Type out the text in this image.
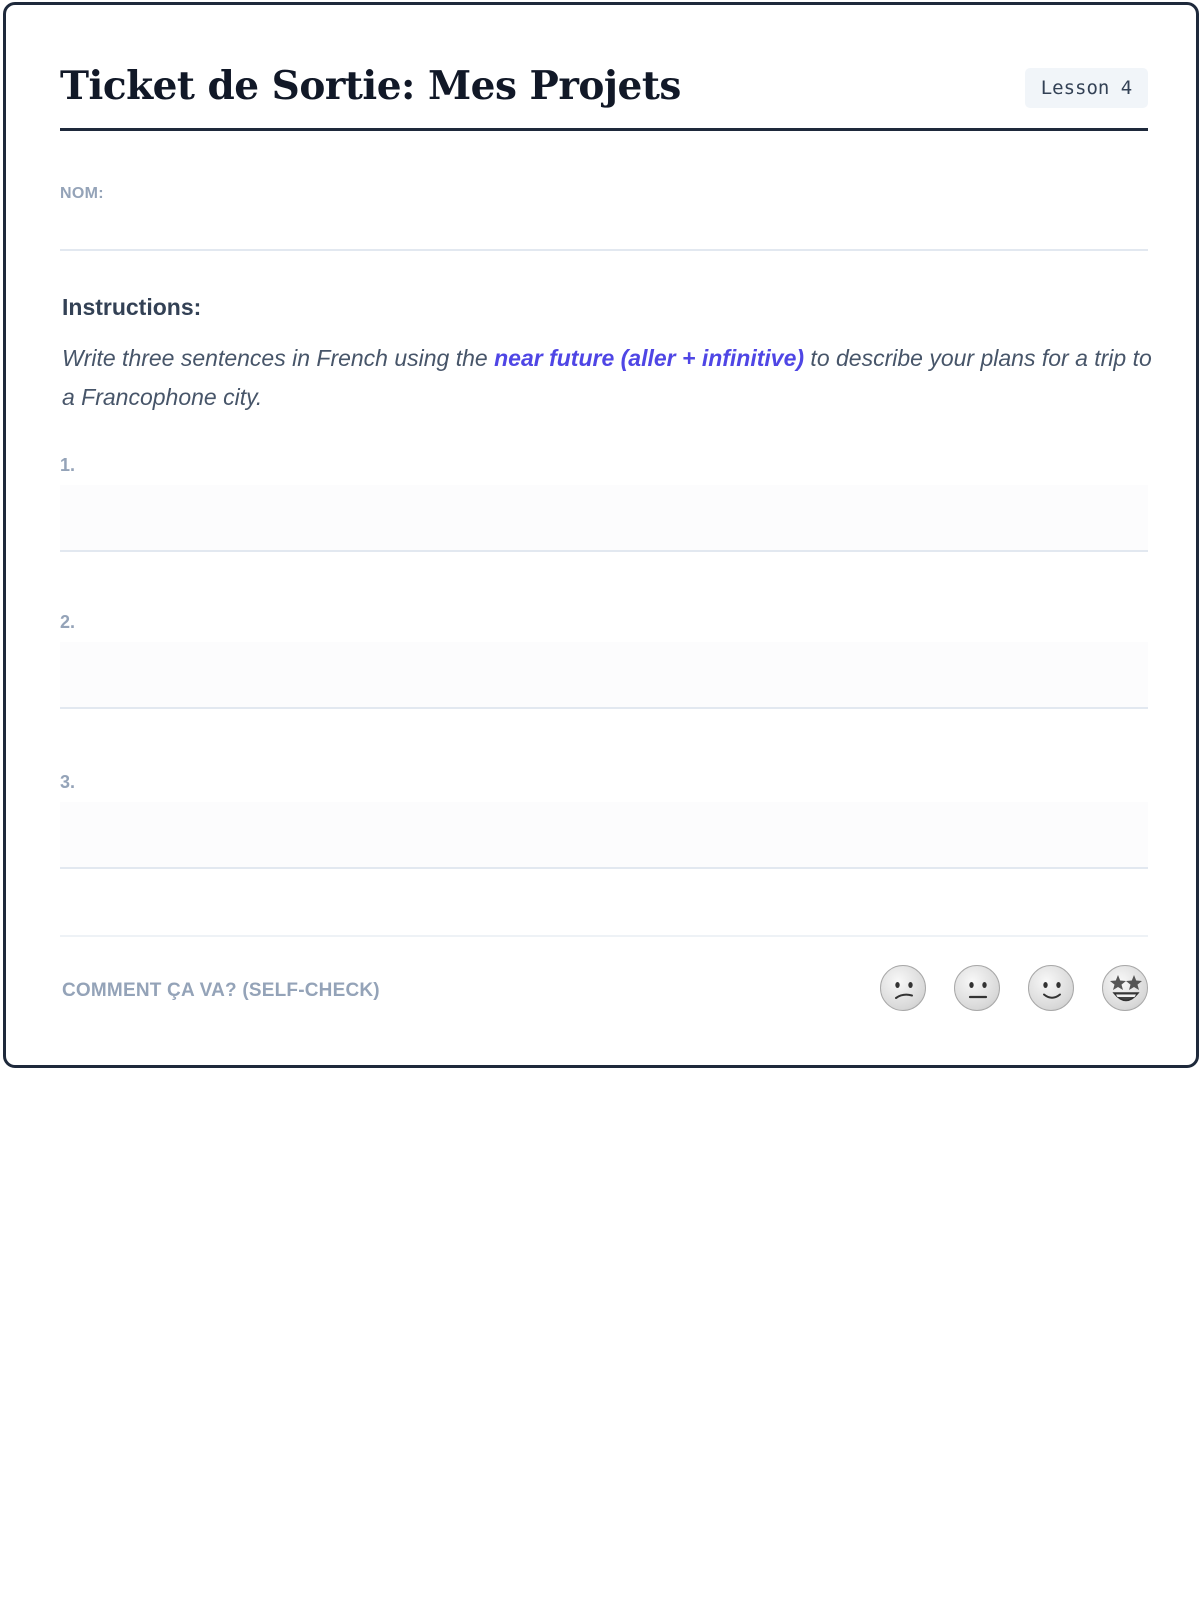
Ticket de Sortie: Mes Projets	Lesson 4
NOM:
Instructions:

Write three sentences in French using the near future (aller + infinitive) to describe your plans for a trip to a Francophone city.

1.
2.
3.
COMMENT ÇA VA? (SELF-CHECK)
